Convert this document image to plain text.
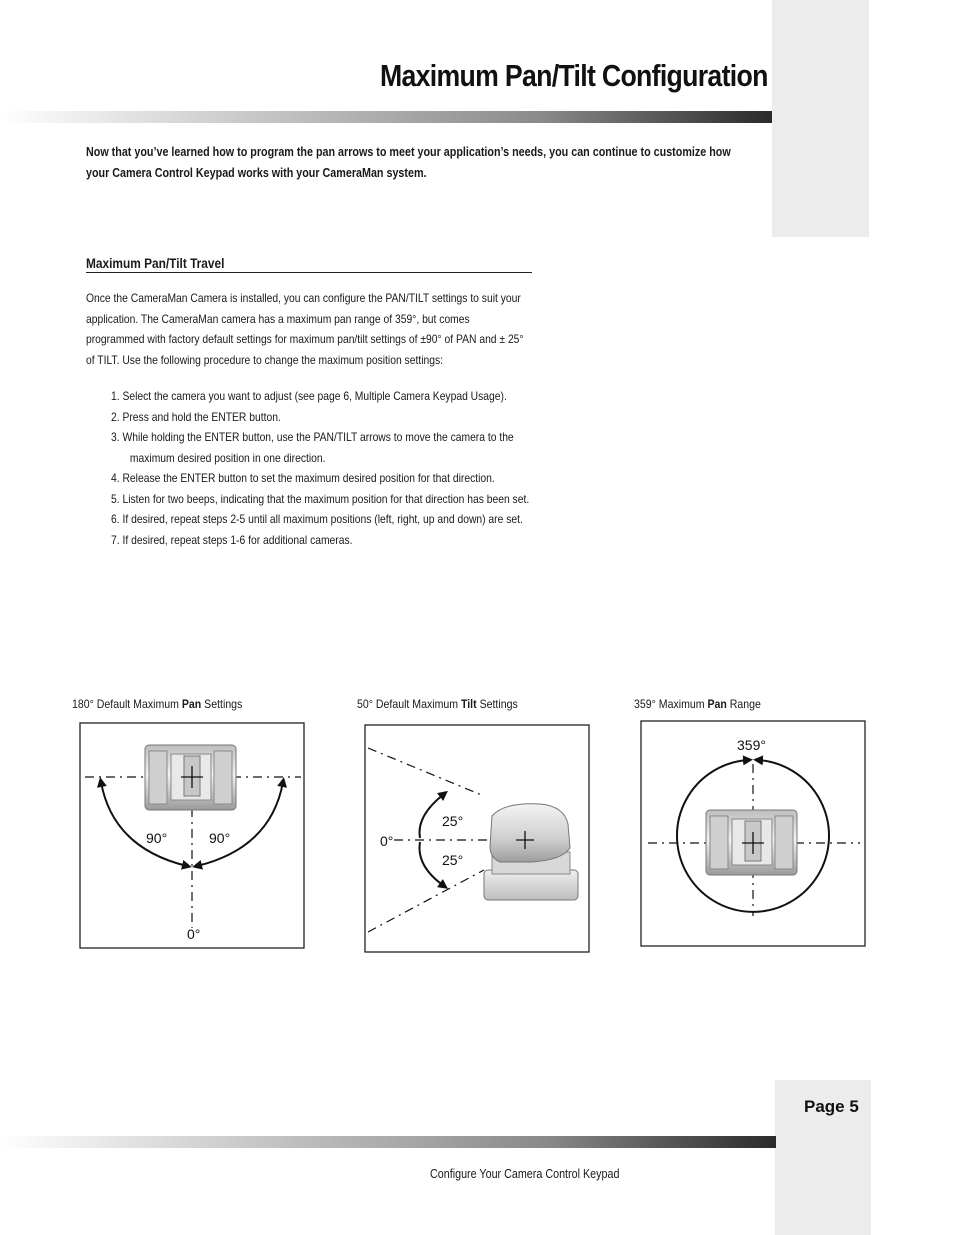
Maximum Pan/Tilt Configuration

Now that you’ve learned how to program the pan arrows to meet your application’s needs, you can continue to customize how your Camera Control Keypad works with your CameraMan system.

Maximum Pan/Tilt Travel

Once the CameraMan Camera is installed, you can configure the PAN/TILT settings to suit your application. The CameraMan camera has a maximum pan range of 359°, but comes programmed with factory default settings for maximum pan/tilt settings of ±90° of PAN and ± 25° of TILT. Use the following procedure to change the maximum position settings:

1. Select the camera you want to adjust (see page 6, Multiple Camera Keypad Usage).
2. Press and hold the ENTER button.
3. While holding the ENTER button, use the PAN/TILT arrows to move the camera to the maximum desired position in one direction.
4. Release the ENTER button to set the maximum desired position for that direction.
5. Listen for two beeps, indicating that the maximum position for that direction has been set.
6. If desired, repeat steps 2-5 until all maximum positions (left, right, up and down) are set.
7. If desired, repeat steps 1-6 for additional cameras.
180° Default Maximum Pan Settings	50° Default Maximum Tilt Settings	359° Maximum Pan Range
90°	90°
0°
0°
25°
25°
359°
Page 5
Configure Your Camera Control Keypad
